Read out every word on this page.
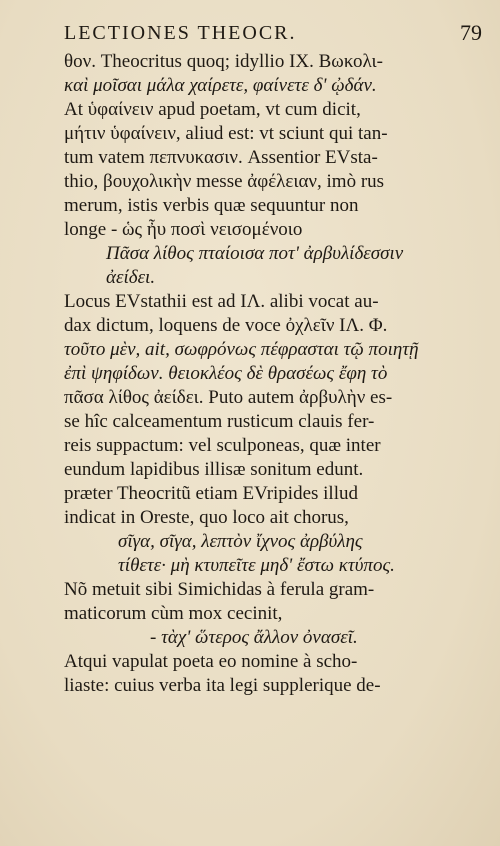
LECTIONES THEOCR.	79
θον. Theocritus quoq; idyllio IX. Βωκολι-
καὶ μοῖσαι μάλα χαίρετε, φαίνετε δ' ᾠδάν.
At ὑφαίνειν apud poetam, vt cum dicit,
μήτιν ὑφαίνειν, aliud est: vt sciunt qui tan-
tum vatem πεπνυκασιν. Assentior EVsta-
thio, βουχολικὴν messe ἀφέλειαν, imò rus
merum, istis verbis quæ sequuntur non
longe - ὡς ἦυ ποσὶ νεισομένοιο
Πᾶσα λίθος πταίοισα ποτ' ἀρβυλίδεσσιν
ἀείδει.
Locus EVstathii est ad ΙΛ. alibi vocat au-
dax dictum, loquens de voce ὀχλεῖν ΙΛ. Φ.
τοῦτο μὲν, ait, σωφρόνως πέφρασται τῷ ποιητῇ
ἐπὶ ψηφίδων. θειοκλέος δὲ θρασέως ἔφη τὸ
πᾶσα λίθος ἀείδει. Puto autem ἀρβυλὴν es-
se hîc calceamentum rusticum clauis fer-
reis suppactum: vel sculponeas, quæ inter
eundum lapidibus illisæ sonitum edunt.
præter Theocritũ etiam EVripides illud
indicat in Oreste, quo loco ait chorus,
σῖγα, σῖγα, λεπτὸν ἴχνος ἀρβύλης
τίθετε· μὴ κτυπεῖτε μηδ' ἔστω κτύπος.
Nõ metuit sibi Simichidas à ferula gram-
maticorum cùm mox cecinit,
- τὰχ' ὥτερος ἄλλον ὀνασεῖ.
Atqui vapulat poeta eo nomine à scho-
liaste: cuius verba ita legi supplerique de-
